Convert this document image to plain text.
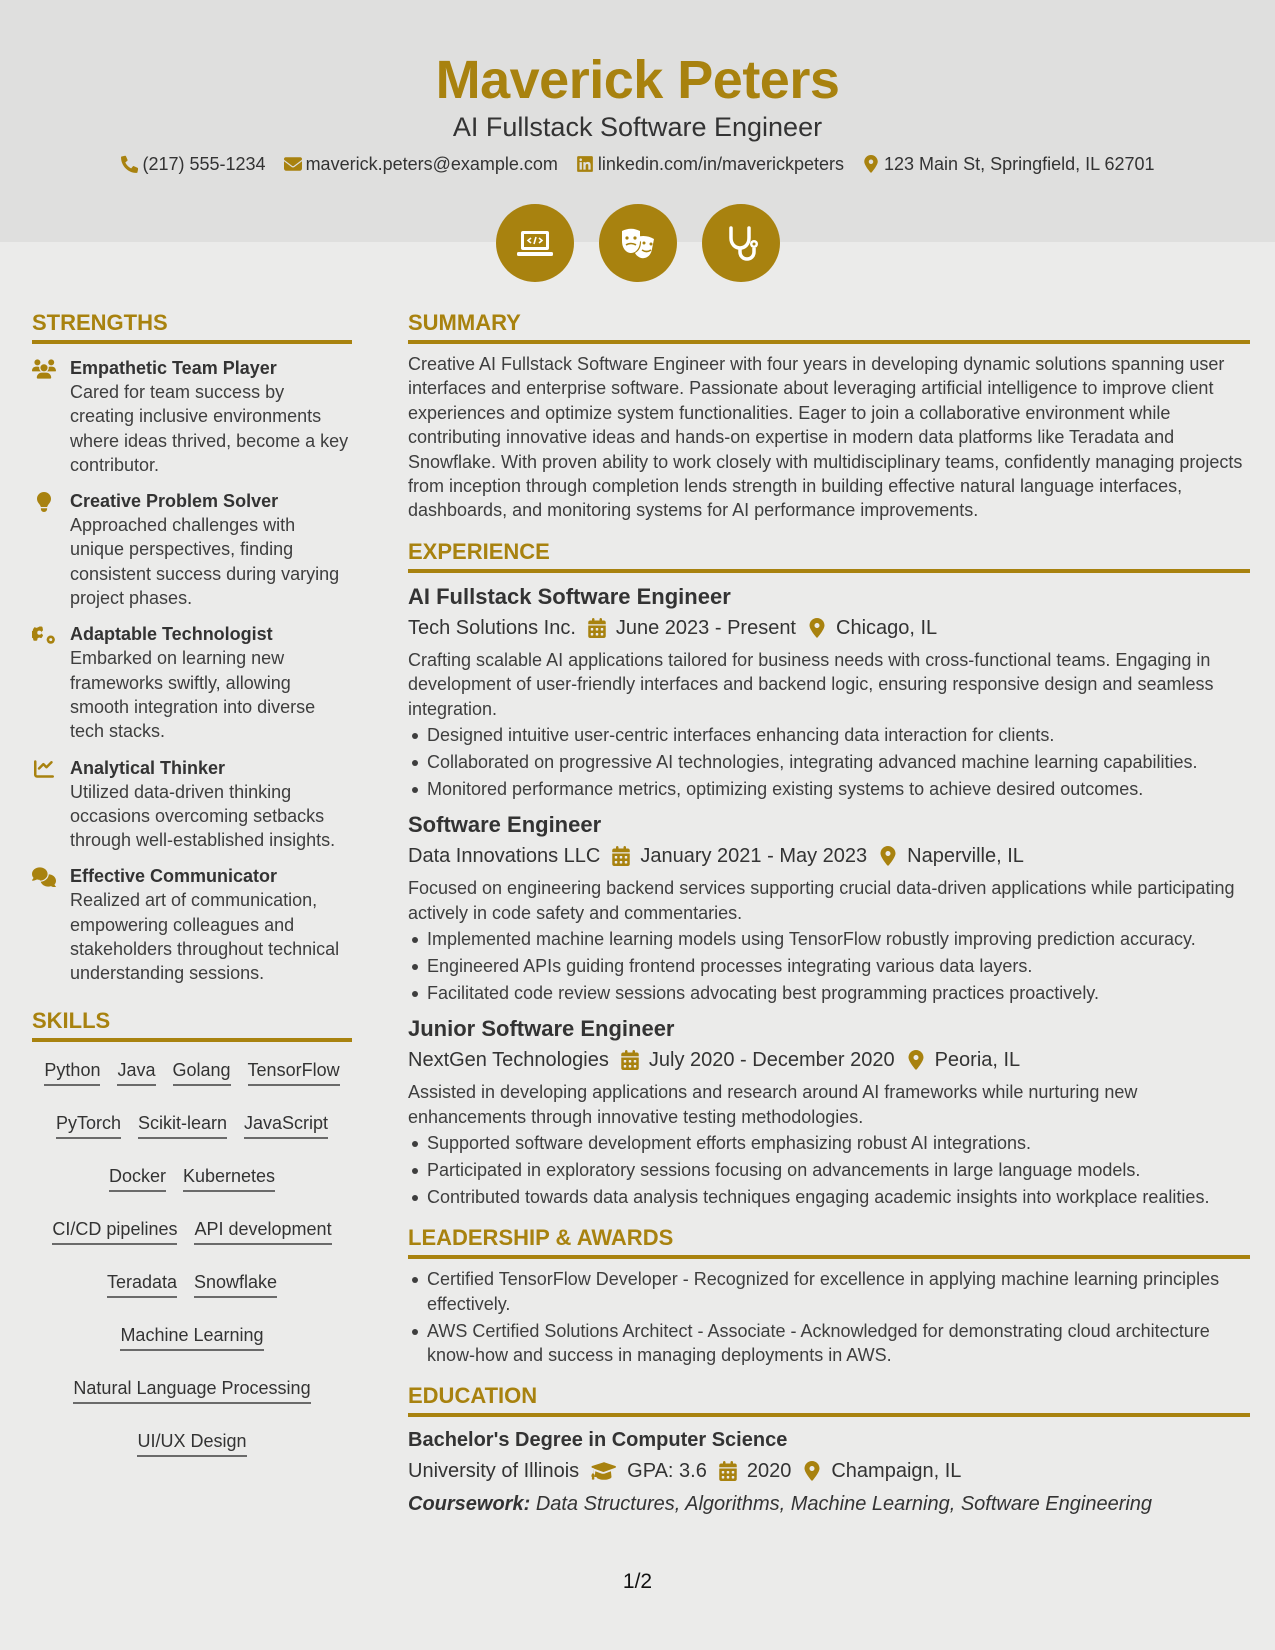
Maverick Peters
AI Fullstack Software Engineer
(217) 555-1234 maverick.peters@example.com linkedin.com/in/maverickpeters 123 Main St, Springfield, IL 62701
STRENGTHS
Empathetic Team Player
Cared for team success by creating inclusive environments where ideas thrived, become a key contributor.
Creative Problem Solver
Approached challenges with unique perspectives, finding consistent success during varying project phases.
Adaptable Technologist
Embarked on learning new frameworks swiftly, allowing smooth integration into diverse tech stacks.
Analytical Thinker
Utilized data-driven thinking occasions overcoming setbacks through well-established insights.
Effective Communicator
Realized art of communication, empowering colleagues and stakeholders throughout technical understanding sessions.
SKILLS
Python Java Golang TensorFlow
PyTorch Scikit-learn JavaScript
Docker Kubernetes
CI/CD pipelines API development
Teradata Snowflake
Machine Learning
Natural Language Processing
UI/UX Design
SUMMARY
Creative AI Fullstack Software Engineer with four years in developing dynamic solutions spanning user interfaces and enterprise software. Passionate about leveraging artificial intelligence to improve client experiences and optimize system functionalities. Eager to join a collaborative environment while contributing innovative ideas and hands-on expertise in modern data platforms like Teradata and Snowflake. With proven ability to work closely with multidisciplinary teams, confidently managing projects from inception through completion lends strength in building effective natural language interfaces, dashboards, and monitoring systems for AI performance improvements.
EXPERIENCE
AI Fullstack Software Engineer
Tech Solutions Inc. June 2023 - Present Chicago, IL
Crafting scalable AI applications tailored for business needs with cross-functional teams. Engaging in development of user-friendly interfaces and backend logic, ensuring responsive design and seamless integration.
Designed intuitive user-centric interfaces enhancing data interaction for clients.
Collaborated on progressive AI technologies, integrating advanced machine learning capabilities.
Monitored performance metrics, optimizing existing systems to achieve desired outcomes.
Software Engineer
Data Innovations LLC January 2021 - May 2023 Naperville, IL
Focused on engineering backend services supporting crucial data-driven applications while participating actively in code safety and commentaries.
Implemented machine learning models using TensorFlow robustly improving prediction accuracy.
Engineered APIs guiding frontend processes integrating various data layers.
Facilitated code review sessions advocating best programming practices proactively.
Junior Software Engineer
NextGen Technologies July 2020 - December 2020 Peoria, IL
Assisted in developing applications and research around AI frameworks while nurturing new enhancements through innovative testing methodologies.
Supported software development efforts emphasizing robust AI integrations.
Participated in exploratory sessions focusing on advancements in large language models.
Contributed towards data analysis techniques engaging academic insights into workplace realities.
LEADERSHIP & AWARDS
Certified TensorFlow Developer - Recognized for excellence in applying machine learning principles effectively.
AWS Certified Solutions Architect - Associate - Acknowledged for demonstrating cloud architecture know-how and success in managing deployments in AWS.
EDUCATION
Bachelor's Degree in Computer Science
University of Illinois GPA: 3.6 2020 Champaign, IL
Coursework: Data Structures, Algorithms, Machine Learning, Software Engineering
1/2
